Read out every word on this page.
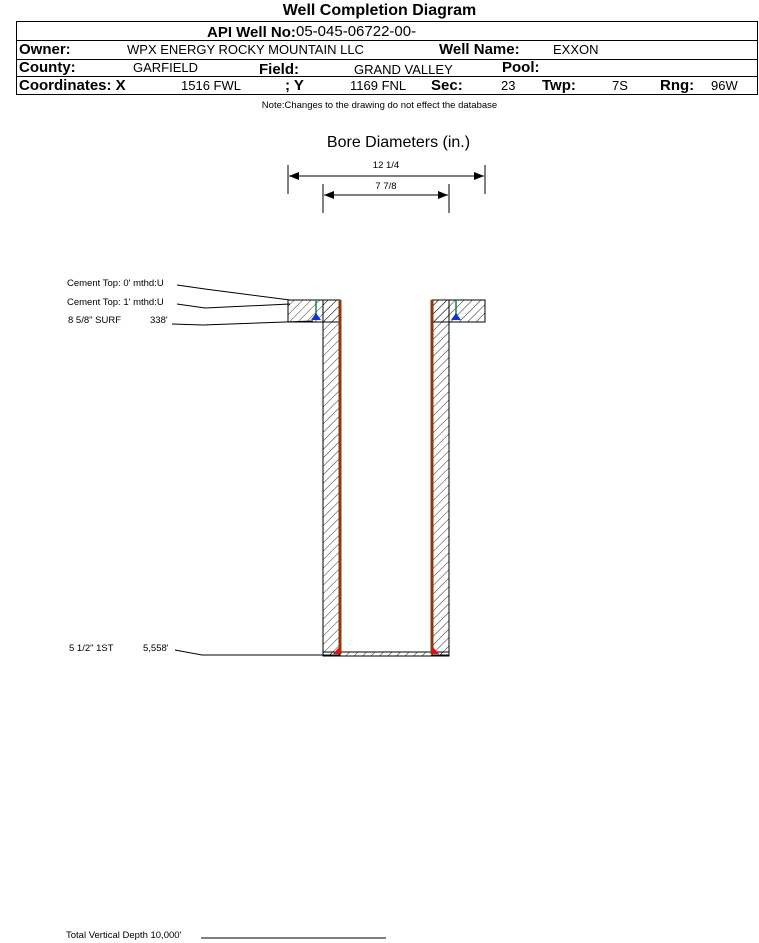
Well Completion Diagram
API Well No: 05-045-06722-00-
Owner:	WPX ENERGY ROCKY MOUNTAIN LLC	Well Name:	EXXON
County:	GARFIELD	Field:	GRAND VALLEY	Pool:
Coordinates: X	1516 FWL	; Y	1169 FNL Sec:	23 Twp:	7S Rng: 96W
Note:Changes to the drawing do not effect the database
Bore Diameters (in.)
12 1/4
7 7/8
Cement Top: 0' mthd:U
Cement Top: 1' mthd:U
8 5/8" SURF	338'
5 1/2" 1ST	5,558'
Total Vertical Depth 10,000'
